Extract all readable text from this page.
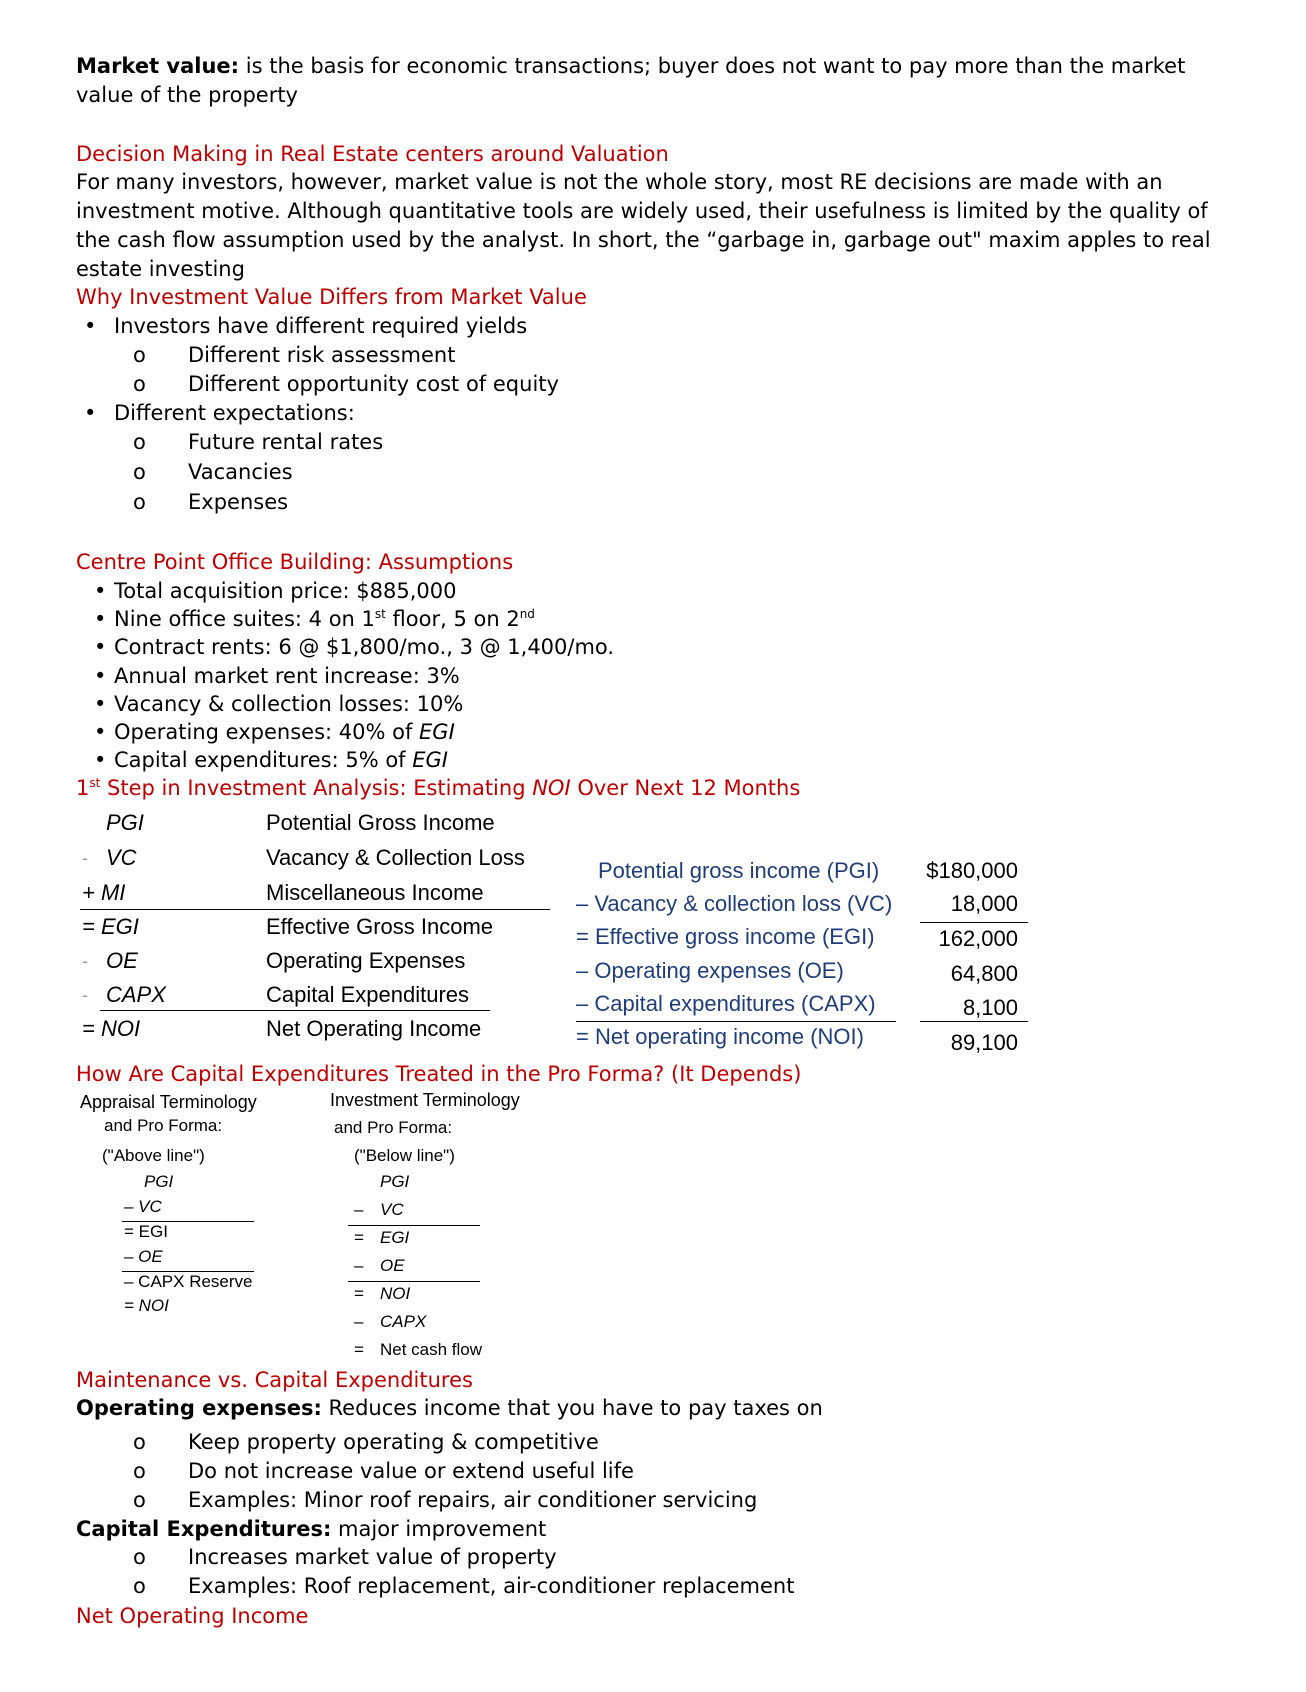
Market value: is the basis for economic transactions; buyer does not want to pay more than the market value of the property
Decision Making in Real Estate centers around Valuation
For many investors, however, market value is not the whole story, most RE decisions are made with an investment motive. Although quantitative tools are widely used, their usefulness is limited by the quality of the cash flow assumption used by the analyst. In short, the “garbage in, garbage out" maxim apples to real estate investing
Why Investment Value Differs from Market Value
• Investors have different required yields
o Different risk assessment
o Different opportunity cost of equity
• Different expectations:
o Future rental rates
o Vacancies
o Expenses
Centre Point Office Building: Assumptions
• Total acquisition price: $885,000
• Nine office suites: 4 on 1st floor, 5 on 2nd
• Contract rents: 6 @ $1,800/mo., 3 @ 1,400/mo.
• Annual market rent increase: 3%
• Vacancy & collection losses: 10%
• Operating expenses: 40% of EGI
• Capital expenditures: 5% of EGI
1st Step in Investment Analysis: Estimating NOI Over Next 12 Months
PGI	Potential Gross Income
- VC	Vacancy & Collection Loss
+ MI	Miscellaneous Income
= EGI	Effective Gross Income
- OE	Operating Expenses
- CAPX	Capital Expenditures
= NOI	Net Operating Income
Potential gross income (PGI)	$180,000
– Vacancy & collection loss (VC)	18,000
= Effective gross income (EGI)	162,000
– Operating expenses (OE)	64,800
– Capital expenditures (CAPX)	8,100
= Net operating income (NOI)	89,100
How Are Capital Expenditures Treated in the Pro Forma? (It Depends)
Appraisal Terminology
and Pro Forma:
("Above line")
PGI
– VC
= EGI
– OE
– CAPX Reserve
= NOI
Investment Terminology
and Pro Forma:
("Below line")
PGI
– VC
= EGI
– OE
= NOI
– CAPX
= Net cash flow
Maintenance vs. Capital Expenditures
Operating expenses: Reduces income that you have to pay taxes on
o Keep property operating & competitive
o Do not increase value or extend useful life
o Examples: Minor roof repairs, air conditioner servicing
Capital Expenditures: major improvement
o Increases market value of property
o Examples: Roof replacement, air-conditioner replacement
Net Operating Income
